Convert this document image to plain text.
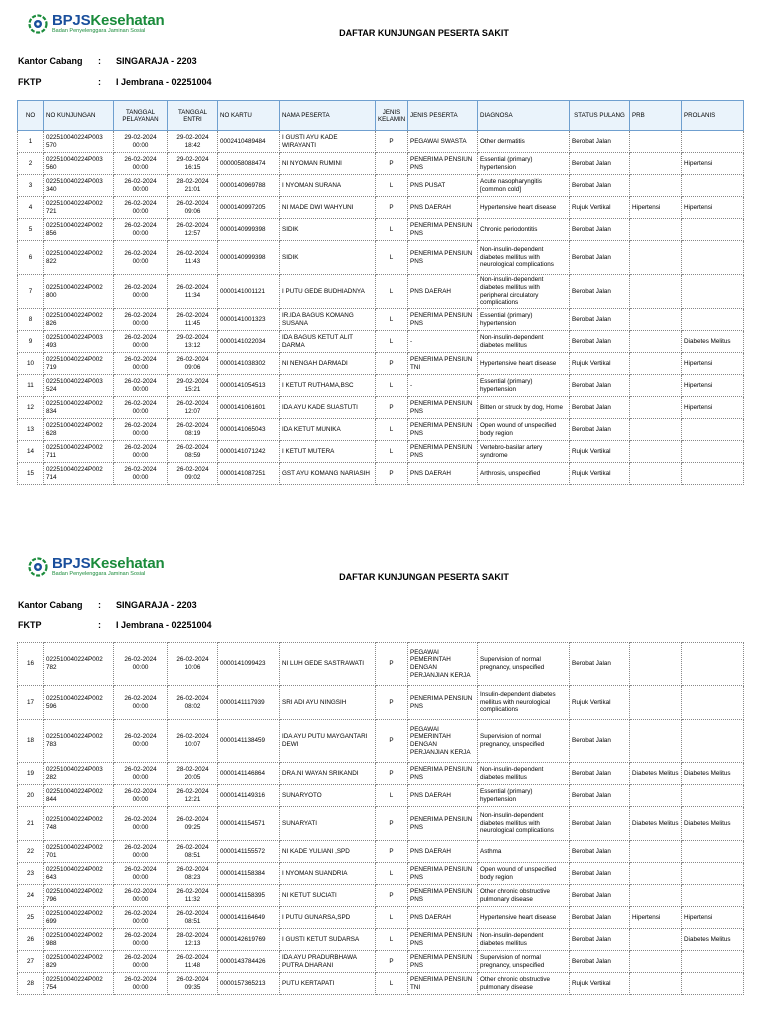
BPJSKesehatan
Badan Penyelenggara Jaminan Sosial	DAFTAR KUNJUNGAN PESERTA SAKIT
Kantor Cabang : SINGARAJA - 2203
FKTP	: I Jembrana - 02251004
NO	NO KUNJUNGAN	TANGGAL PELAYANAN	TANGGAL ENTRI	NO KARTU	NAMA PESERTA	JENIS KELAMIN	JENIS PESERTA	DIAGNOSA	STATUS PULANG	PRB	PROLANIS
1	022510040224P003 570	29-02-2024 00:00	29-02-2024 18:42	0002410489484	I GUSTI AYU KADE WIRAYANTI	P	PEGAWAI SWASTA	Other dermatitis	Berobat Jalan		
2	022510040224P003 560	26-02-2024 00:00	29-02-2024 16:15	0000058088474	NI NYOMAN RUMINI	P	PENERIMA PENSIUN PNS	Essential (primary) hypertension	Berobat Jalan		Hipertensi
3	022510040224P003 340	26-02-2024 00:00	28-02-2024 21:01	0000140969788	I NYOMAN SURANA	L	PNS PUSAT	Acute nasopharyngitis [common cold]	Berobat Jalan		
4	022510040224P002 721	26-02-2024 00:00	26-02-2024 09:06	0000140997205	NI MADE DWI WAHYUNI	P	PNS DAERAH	Hypertensive heart disease	Rujuk Vertikal	Hipertensi	Hipertensi
5	022510040224P002 856	26-02-2024 00:00	26-02-2024 12:57	0000140999398	SIDIK	L	PENERIMA PENSIUN PNS	Chronic periodontitis	Berobat Jalan		
6	022510040224P002 822	26-02-2024 00:00	26-02-2024 11:43	0000140999398	SIDIK	L	PENERIMA PENSIUN PNS	Non-insulin-dependent diabetes mellitus with neurological complications	Berobat Jalan		
7	022510040224P002 800	26-02-2024 00:00	26-02-2024 11:34	0000141001121	I PUTU GEDE BUDHIADNYA	L	PNS DAERAH	Non-insulin-dependent diabetes mellitus with peripheral circulatory complications	Berobat Jalan		
8	022510040224P002 826	26-02-2024 00:00	26-02-2024 11:45	0000141001323	IR.IDA BAGUS KOMANG SUSANA	L	PENERIMA PENSIUN PNS	Essential (primary) hypertension	Berobat Jalan		
9	022510040224P003 493	26-02-2024 00:00	29-02-2024 13:12	0000141022034	IDA BAGUS KETUT ALIT DARMA	L	-	Non-insulin-dependent diabetes mellitus	Berobat Jalan		Diabetes Melitus
10	022510040224P002 719	26-02-2024 00:00	26-02-2024 09:06	0000141038302	NI NENGAH DARMADI	P	PENERIMA PENSIUN TNI	Hypertensive heart disease	Rujuk Vertikal		Hipertensi
11	022510040224P003 524	26-02-2024 00:00	29-02-2024 15:21	0000141054513	I KETUT RUTHAMA,BSC	L	-	Essential (primary) hypertension	Berobat Jalan		Hipertensi
12	022510040224P002 834	26-02-2024 00:00	26-02-2024 12:07	0000141061601	IDA AYU KADE SUASTUTI	P	PENERIMA PENSIUN PNS	Bitten or struck by dog, Home	Berobat Jalan		Hipertensi
13	022510040224P002 628	26-02-2024 00:00	26-02-2024 08:19	0000141065043	IDA KETUT MUNIKA	L	PENERIMA PENSIUN PNS	Open wound of unspecified body region	Berobat Jalan		
14	022510040224P002 711	26-02-2024 00:00	26-02-2024 08:59	0000141071242	I KETUT MUTERA	L	PENERIMA PENSIUN PNS	Vertebro-basilar artery syndrome	Rujuk Vertikal		
15	022510040224P002 714	26-02-2024 00:00	26-02-2024 09:02	0000141087251	GST AYU KOMANG NARIASIH	P	PNS DAERAH	Arthrosis, unspecified	Rujuk Vertikal		
BPJSKesehatan
Badan Penyelenggara Jaminan Sosial	DAFTAR KUNJUNGAN PESERTA SAKIT
Kantor Cabang : SINGARAJA - 2203
FKTP	: I Jembrana - 02251004
16	022510040224P002 782	26-02-2024 00:00	26-02-2024 10:06	0000141099423	NI LUH GEDE SASTRAWATI	P	PEGAWAI PEMERINTAH DENGAN PERJANJIAN KERJA	Supervision of normal pregnancy, unspecified	Berobat Jalan		
17	022510040224P002 596	26-02-2024 00:00	26-02-2024 08:02	0000141117939	SRI ADI AYU NINGSIH	P	PENERIMA PENSIUN PNS	Insulin-dependent diabetes mellitus with neurological complications	Rujuk Vertikal		
18	022510040224P002 783	26-02-2024 00:00	26-02-2024 10:07	0000141138459	IDA AYU PUTU MAYGANTARI DEWI	P	PEGAWAI PEMERINTAH DENGAN PERJANJIAN KERJA	Supervision of normal pregnancy, unspecified	Berobat Jalan		
19	022510040224P003 282	26-02-2024 00:00	28-02-2024 20:05	0000141146864	DRA.NI WAYAN SRIKANDI	P	PENERIMA PENSIUN PNS	Non-insulin-dependent diabetes mellitus	Berobat Jalan	Diabetes Melitus	Diabetes Melitus
20	022510040224P002 844	26-02-2024 00:00	26-02-2024 12:21	0000141149316	SUNARYOTO	L	PNS DAERAH	Essential (primary) hypertension	Berobat Jalan		
21	022510040224P002 748	26-02-2024 00:00	26-02-2024 09:25	0000141154571	SUNARYATI	P	PENERIMA PENSIUN PNS	Non-insulin-dependent diabetes mellitus with neurological complications	Berobat Jalan	Diabetes Melitus	Diabetes Melitus
22	022510040224P002 701	26-02-2024 00:00	26-02-2024 08:51	0000141155572	NI KADE YULIANI ,SPD	P	PNS DAERAH	Asthma	Berobat Jalan		
23	022510040224P002 643	26-02-2024 00:00	26-02-2024 08:23	0000141158384	I NYOMAN SUANDRIA	L	PENERIMA PENSIUN PNS	Open wound of unspecified body region	Berobat Jalan		
24	022510040224P002 796	26-02-2024 00:00	26-02-2024 11:32	0000141158395	NI KETUT SUCIATI	P	PENERIMA PENSIUN PNS	Other chronic obstructive pulmonary disease	Berobat Jalan		
25	022510040224P002 699	26-02-2024 00:00	26-02-2024 08:51	0000141164649	I PUTU GUNARSA,SPD	L	PNS DAERAH	Hypertensive heart disease	Berobat Jalan	Hipertensi	Hipertensi
26	022510040224P002 988	26-02-2024 00:00	28-02-2024 12:13	0000142619769	I GUSTI KETUT SUDARSA	L	PENERIMA PENSIUN PNS	Non-insulin-dependent diabetes mellitus	Berobat Jalan		Diabetes Melitus
27	022510040224P002 829	26-02-2024 00:00	26-02-2024 11:48	0000143784426	IDA AYU PRADURBHAWA PUTRA DHARANI	P	PENERIMA PENSIUN PNS	Supervision of normal pregnancy, unspecified	Berobat Jalan		
28	022510040224P002 754	26-02-2024 00:00	26-02-2024 09:35	0000157365213	PUTU KERTAPATI	L	PENERIMA PENSIUN TNI	Other chronic obstructive pulmonary disease	Rujuk Vertikal		
